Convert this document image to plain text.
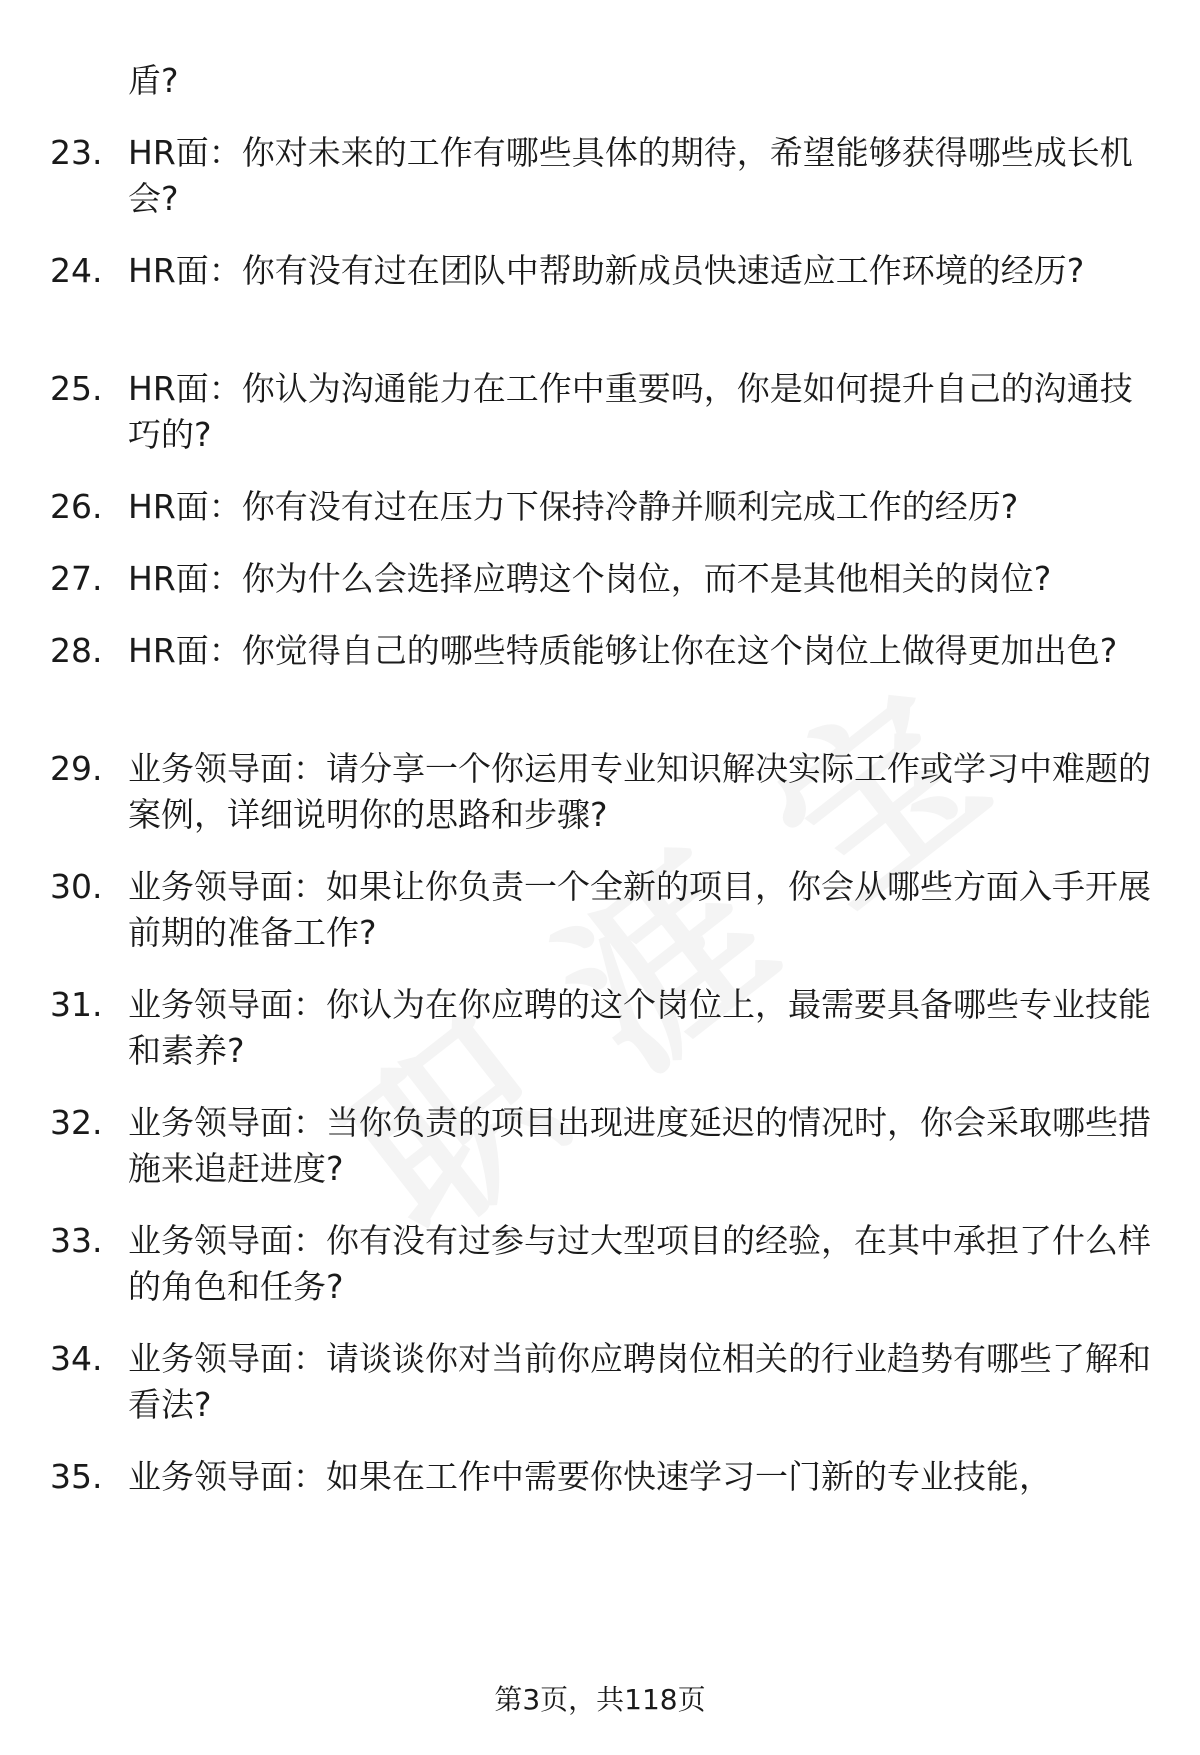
盾?
23. HR面：你对未来的工作有哪些具体的期待，希望能够获得哪些成长机会?
24. HR面：你有没有过在团队中帮助新成员快速适应工作环境的经历?
25. HR面：你认为沟通能力在工作中重要吗，你是如何提升自己的沟通技巧的?
26. HR面：你有没有过在压力下保持冷静并顺利完成工作的经历?
27. HR面：你为什么会选择应聘这个岗位，而不是其他相关的岗位?
28. HR面：你觉得自己的哪些特质能够让你在这个岗位上做得更加出色?
29. 业务领导面：请分享一个你运用专业知识解决实际工作或学习中难题的案例，详细说明你的思路和步骤?
30. 业务领导面：如果让你负责一个全新的项目，你会从哪些方面入手开展前期的准备工作?
31. 业务领导面：你认为在你应聘的这个岗位上，最需要具备哪些专业技能和素养?
32. 业务领导面：当你负责的项目出现进度延迟的情况时，你会采取哪些措施来追赶进度?
33. 业务领导面：你有没有过参与过大型项目的经验，在其中承担了什么样的角色和任务?
34. 业务领导面：请谈谈你对当前你应聘岗位相关的行业趋势有哪些了解和看法?
35. 业务领导面：如果在工作中需要你快速学习一门新的专业技能，
第3页，共118页
